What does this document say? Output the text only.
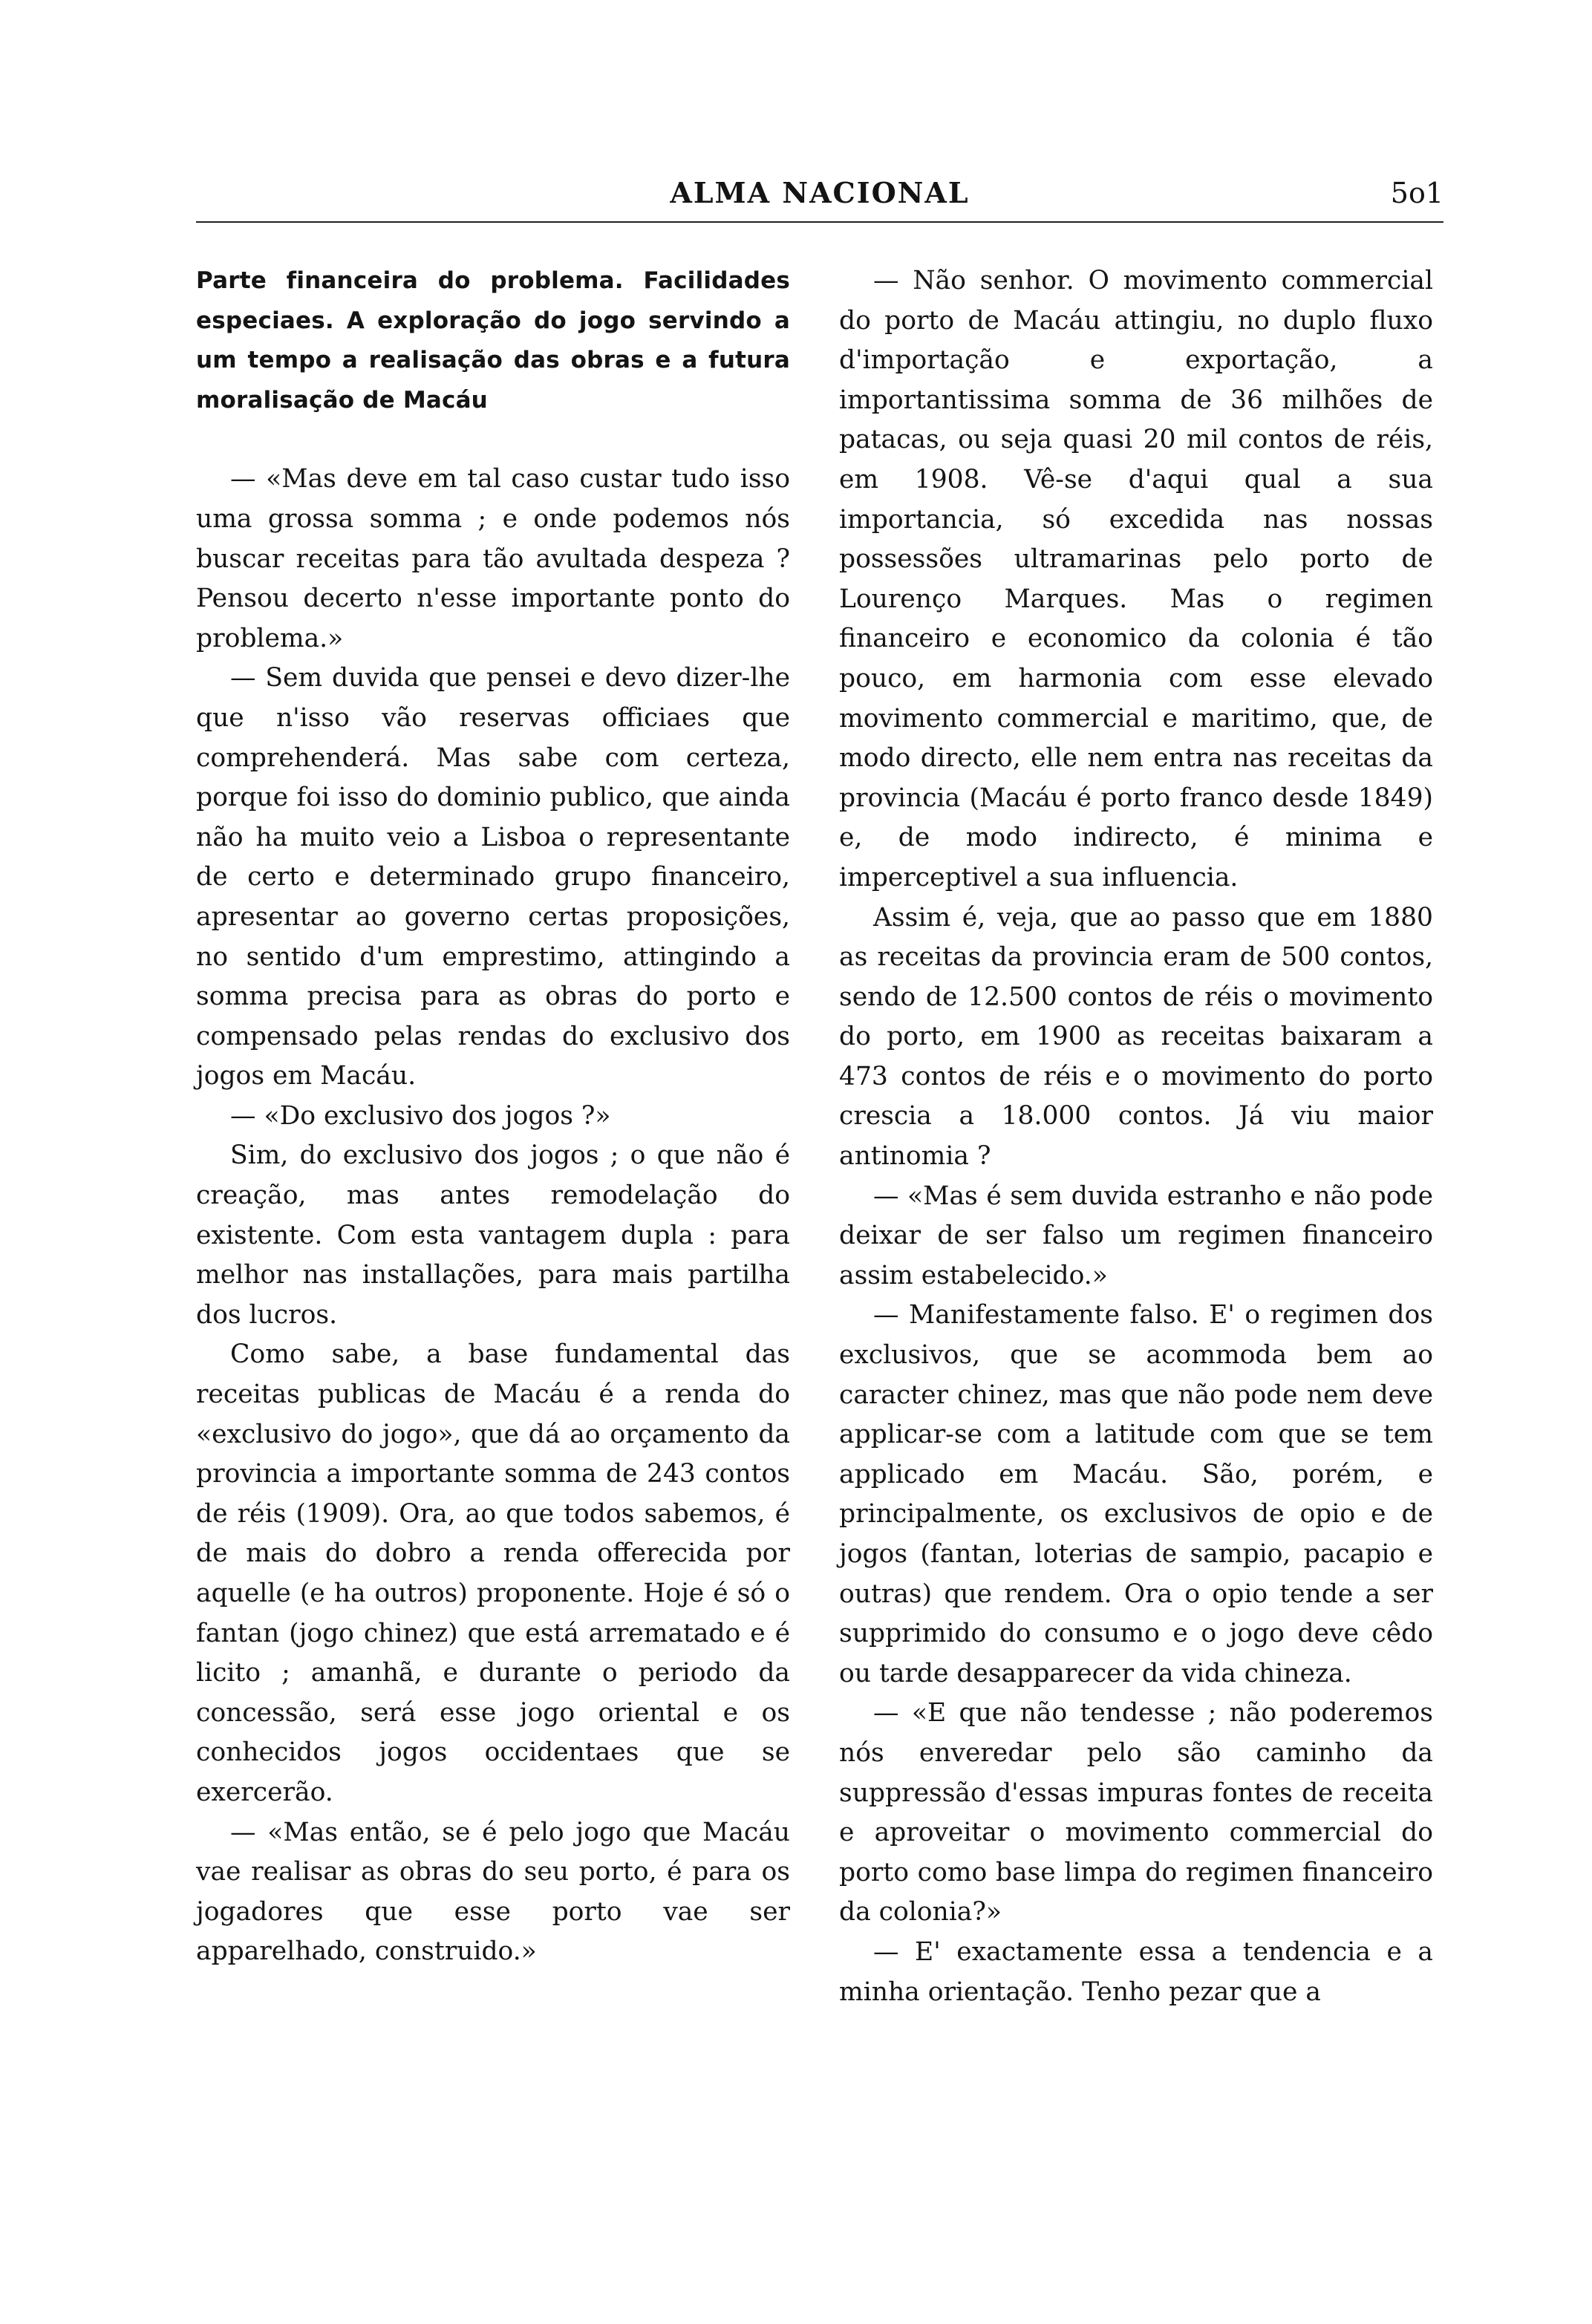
ALMA NACIONAL	5o1
Parte financeira do problema. Facilidades especiaes. A exploração do jogo servindo a um tempo a realisação das obras e a futura moralisação de Macáu

— «Mas deve em tal caso custar tudo isso uma grossa somma ; e onde podemos nós buscar receitas para tão avultada despeza ? Pensou decerto n'esse importante ponto do problema.»

— Sem duvida que pensei e devo dizer-lhe que n'isso vão reservas officiaes que comprehenderá. Mas sabe com certeza, porque foi isso do dominio publico, que ainda não ha muito veio a Lisboa o representante de certo e determinado grupo financeiro, apresentar ao governo certas proposições, no sentido d'um emprestimo, attingindo a somma precisa para as obras do porto e compensado pelas rendas do exclusivo dos jogos em Macáu.

— «Do exclusivo dos jogos ?»

Sim, do exclusivo dos jogos ; o que não é creação, mas antes remodelação do existente. Com esta vantagem dupla : para melhor nas installações, para mais partilha dos lucros.

Como sabe, a base fundamental das receitas publicas de Macáu é a renda do «exclusivo do jogo», que dá ao orçamento da provincia a importante somma de 243 contos de réis (1909). Ora, ao que todos sabemos, é de mais do dobro a renda offerecida por aquelle (e ha outros) proponente. Hoje é só o fantan (jogo chinez) que está arrematado e é licito ; amanhã, e durante o periodo da concessão, será esse jogo oriental e os conhecidos jogos occidentaes que se exercerão.

— «Mas então, se é pelo jogo que Macáu vae realisar as obras do seu porto, é para os jogadores que esse porto vae ser apparelhado, construido.»

— Não senhor. O movimento commercial do porto de Macáu attingiu, no duplo fluxo d'importação e exportação, a importantissima somma de 36 milhões de patacas, ou seja quasi 20 mil contos de réis, em 1908. Vê-se d'aqui qual a sua importancia, só excedida nas nossas possessões ultramarinas pelo porto de Lourenço Marques. Mas o regimen financeiro e economico da colonia é tão pouco, em harmonia com esse elevado movimento commercial e maritimo, que, de modo directo, elle nem entra nas receitas da provincia (Macáu é porto franco desde 1849) e, de modo indirecto, é minima e imperceptivel a sua influencia.

Assim é, veja, que ao passo que em 1880 as receitas da provincia eram de 500 contos, sendo de 12.500 contos de réis o movimento do porto, em 1900 as receitas baixaram a 473 contos de réis e o movimento do porto crescia a 18.000 contos. Já viu maior antinomia ?

— «Mas é sem duvida estranho e não pode deixar de ser falso um regimen financeiro assim estabelecido.»

— Manifestamente falso. E' o regimen dos exclusivos, que se acommoda bem ao caracter chinez, mas que não pode nem deve applicar-se com a latitude com que se tem applicado em Macáu. São, porém, e principalmente, os exclusivos de opio e de jogos (fantan, loterias de sampio, pacapio e outras) que rendem. Ora o opio tende a ser supprimido do consumo e o jogo deve cêdo ou tarde desapparecer da vida chineza.

— «E que não tendesse ; não poderemos nós enveredar pelo são caminho da suppressão d'essas impuras fontes de receita e aproveitar o movimento commercial do porto como base limpa do regimen financeiro da colonia?»

— E' exactamente essa a tendencia e a minha orientação. Tenho pezar que a
